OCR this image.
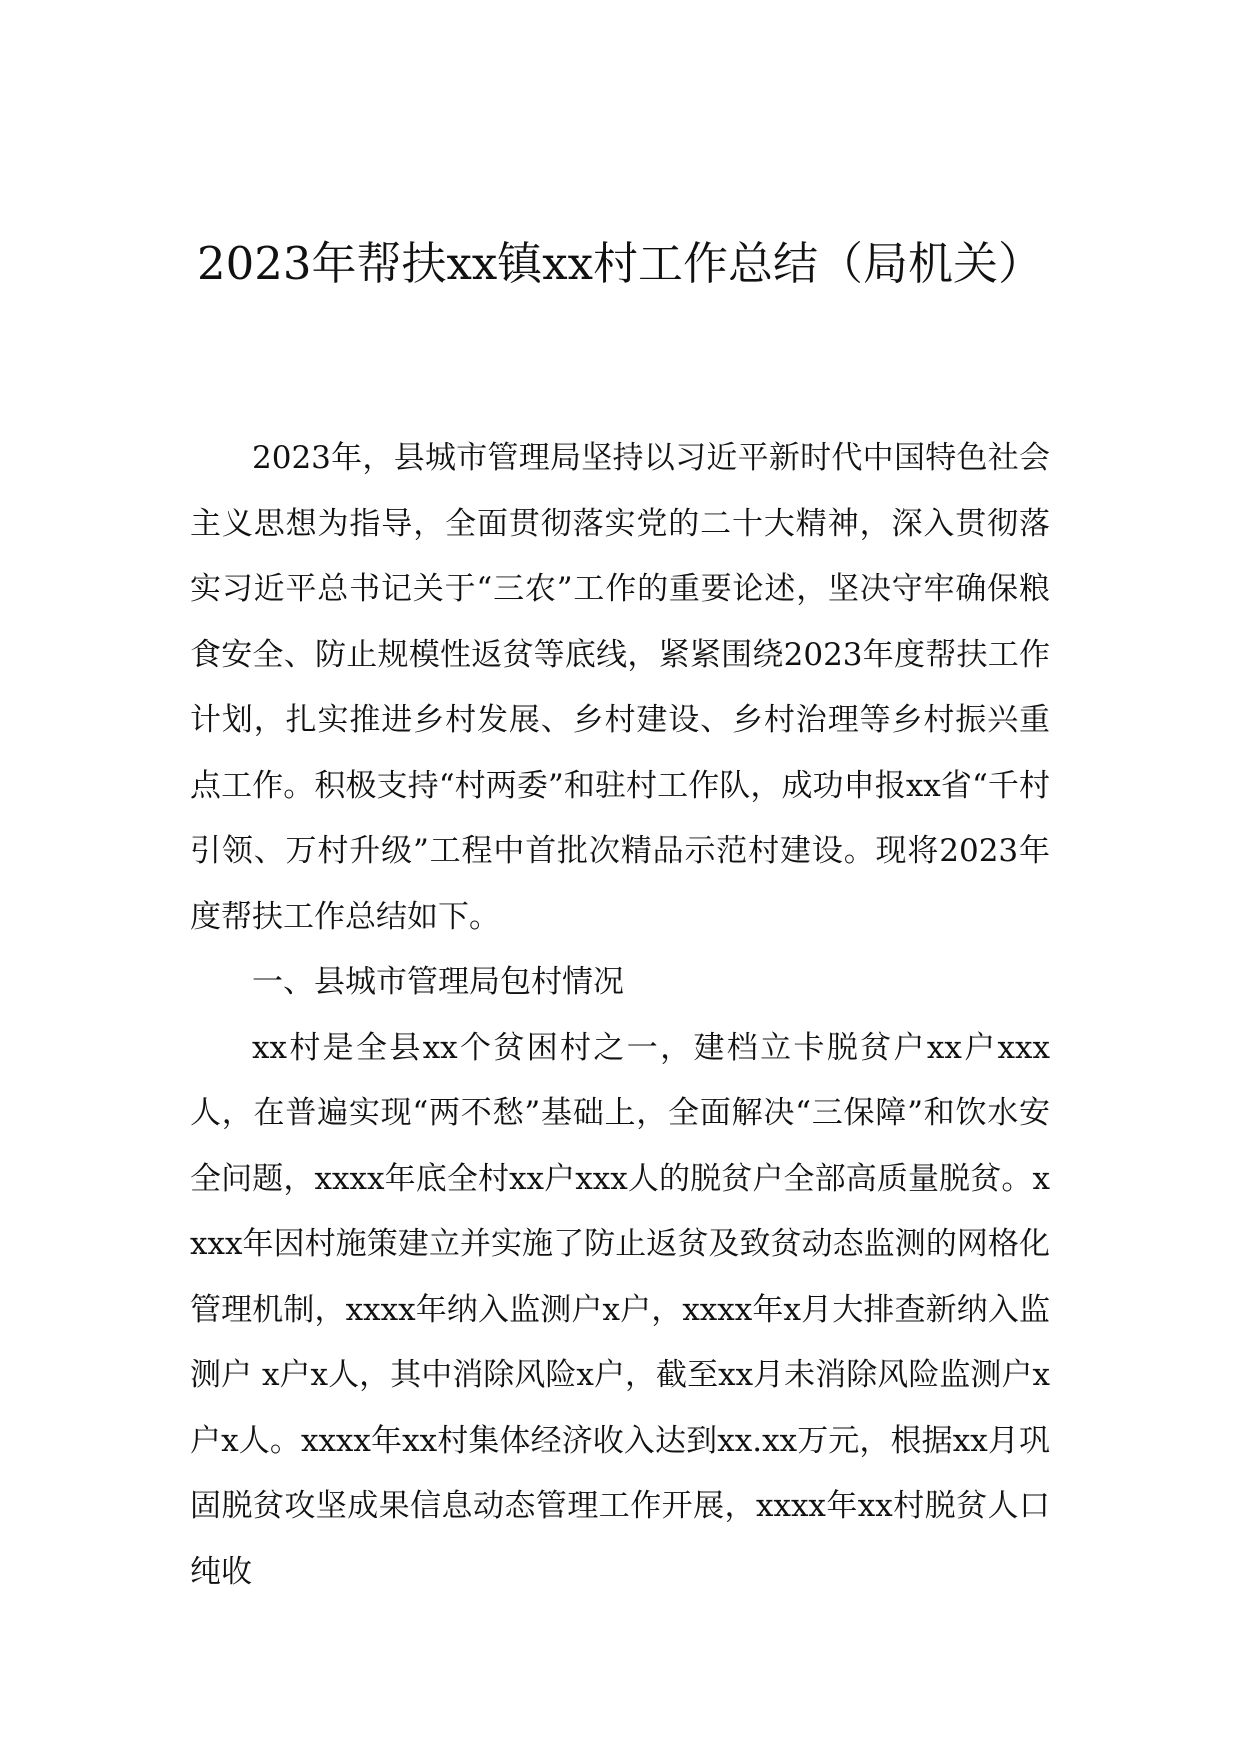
2023年帮扶xx镇xx村工作总结（局机关）

2023年，县城市管理局坚持以习近平新时代中国特色社会主义思想为指导，全面贯彻落实党的二十大精神，深入贯彻落实习近平总书记关于“三农”工作的重要论述，坚决守牢确保粮食安全、防止规模性返贫等底线，紧紧围绕2023年度帮扶工作计划，扎实推进乡村发展、乡村建设、乡村治理等乡村振兴重点工作。积极支持“村两委”和驻村工作队，成功申报xx省“千村引领、万村升级”工程中首批次精品示范村建设。现将2023年度帮扶工作总结如下。

一、县城市管理局包村情况

xx村是全县xx个贫困村之一，建档立卡脱贫户xx户xxx人，在普遍实现“两不愁”基础上，全面解决“三保障”和饮水安全问题，xxxx年底全村xx户xxx人的脱贫户全部高质量脱贫。xxxx年因村施策建立并实施了防止返贫及致贫动态监测的网格化管理机制，xxxx年纳入监测户x户，xxxx年x月大排查新纳入监测户 x户x人，其中消除风险x户，截至xx月未消除风险监测户x户x人。xxxx年xx村集体经济收入达到xx.xx万元，根据xx月巩固脱贫攻坚成果信息动态管理工作开展，xxxx年xx村脱贫人口纯收
